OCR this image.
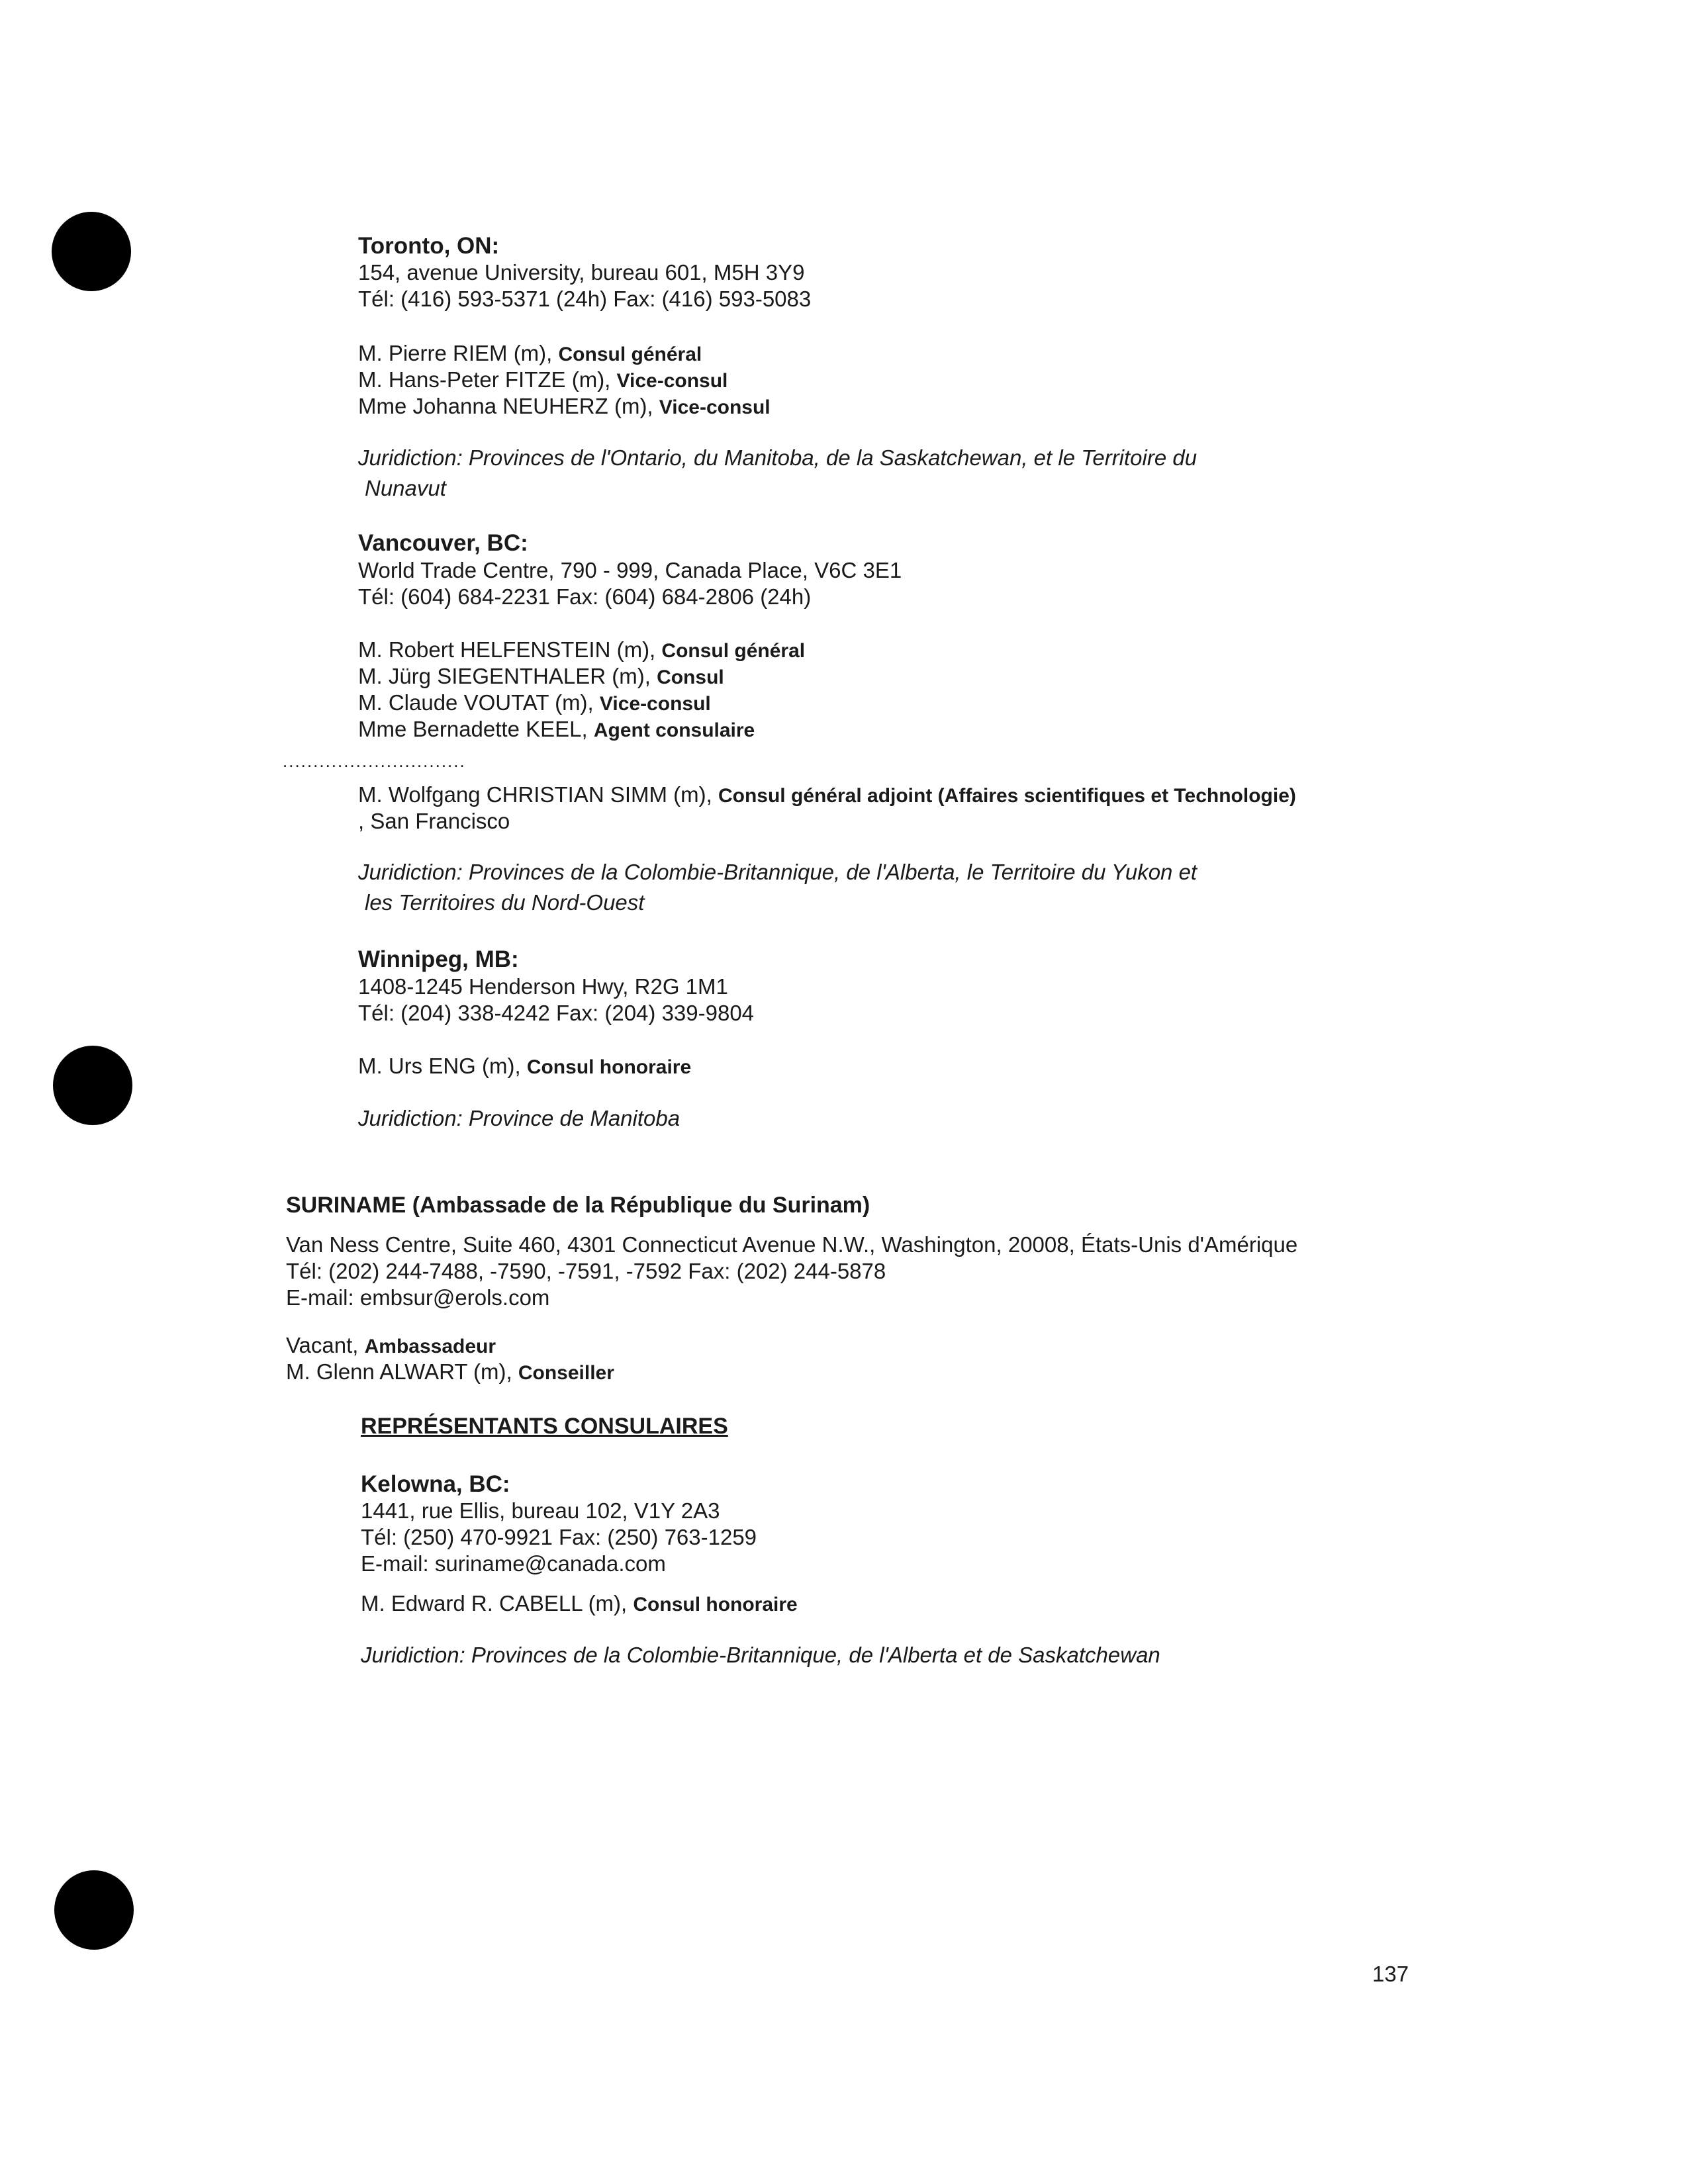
Toronto, ON:
154, avenue University, bureau 601, M5H 3Y9
Tél: (416) 593-5371 (24h) Fax: (416) 593-5083
M. Pierre RIEM (m), Consul général
M. Hans-Peter FITZE (m), Vice-consul
Mme Johanna NEUHERZ (m), Vice-consul
Juridiction: Provinces de l'Ontario, du Manitoba, de la Saskatchewan, et le Territoire du
Nunavut
Vancouver, BC:
World Trade Centre, 790 - 999, Canada Place, V6C 3E1
Tél: (604) 684-2231 Fax: (604) 684-2806 (24h)
M. Robert HELFENSTEIN (m), Consul général
M. Jürg SIEGENTHALER (m), Consul
M. Claude VOUTAT (m), Vice-consul
Mme Bernadette KEEL, Agent consulaire
..............................
M. Wolfgang CHRISTIAN SIMM (m), Consul général adjoint (Affaires scientifiques et Technologie)
, San Francisco
Juridiction: Provinces de la Colombie-Britannique, de l'Alberta, le Territoire du Yukon et
les Territoires du Nord-Ouest
Winnipeg, MB:
1408-1245 Henderson Hwy, R2G 1M1
Tél: (204) 338-4242 Fax: (204) 339-9804
M. Urs ENG (m), Consul honoraire
Juridiction: Province de Manitoba
SURINAME (Ambassade de la République du Surinam)
Van Ness Centre, Suite 460, 4301 Connecticut Avenue N.W., Washington, 20008, États-Unis d'Amérique
Tél: (202) 244-7488, -7590, -7591, -7592 Fax: (202) 244-5878
E-mail: embsur@erols.com
Vacant, Ambassadeur
M. Glenn ALWART (m), Conseiller
REPRÉSENTANTS CONSULAIRES
Kelowna, BC:
1441, rue Ellis, bureau 102, V1Y 2A3
Tél: (250) 470-9921 Fax: (250) 763-1259
E-mail: suriname@canada.com
M. Edward R. CABELL (m), Consul honoraire
Juridiction: Provinces de la Colombie-Britannique, de l'Alberta et de Saskatchewan
137
